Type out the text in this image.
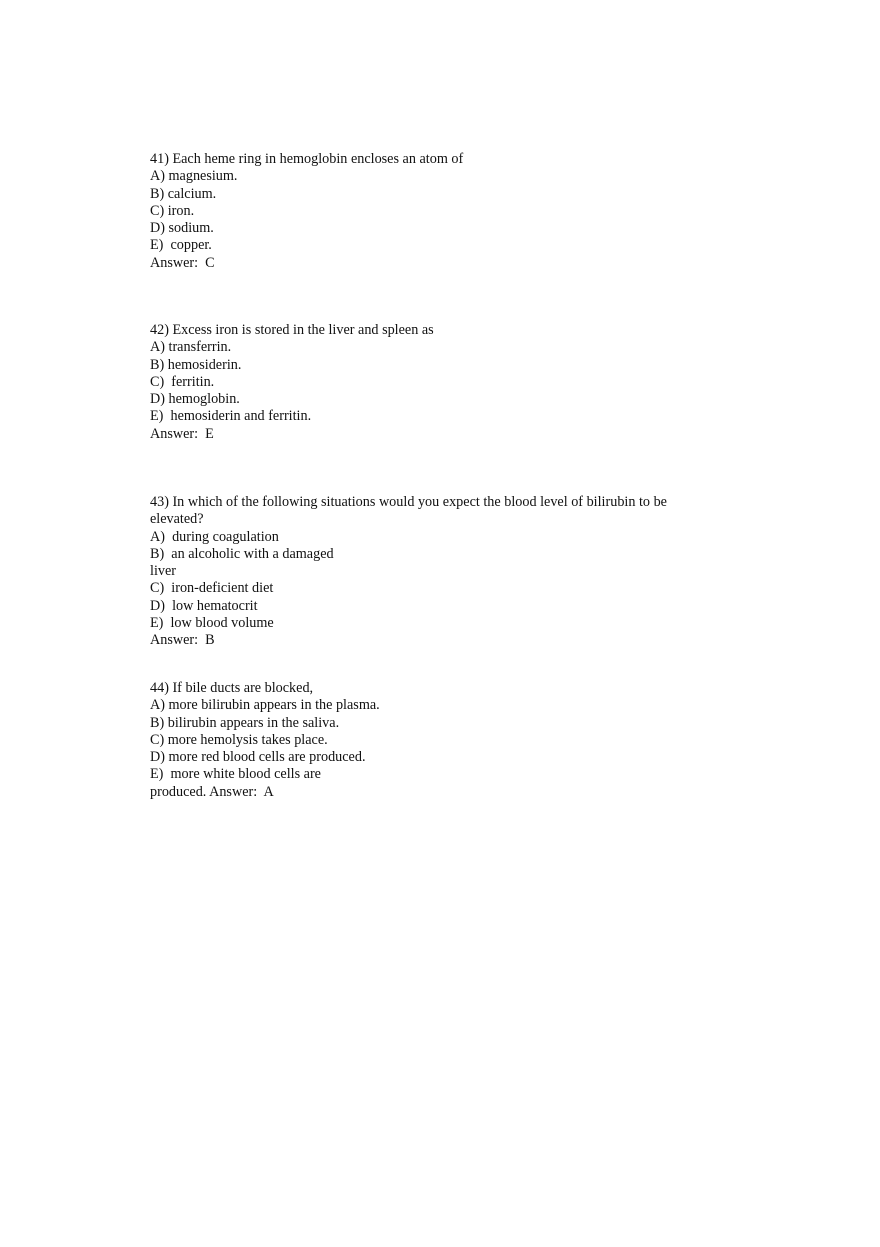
41) Each heme ring in hemoglobin encloses an atom of
A) magnesium.
B) calcium.
C) iron.
D) sodium.
E)  copper.
Answer:  C
42) Excess iron is stored in the liver and spleen as
A) transferrin.
B) hemosiderin.
C)  ferritin.
D) hemoglobin.
E)  hemosiderin and ferritin.
Answer:  E
43) In which of the following situations would you expect the blood level of bilirubin to be
elevated?
A)  during coagulation
B)  an alcoholic with a damaged
liver
C)  iron-deficient diet
D)  low hematocrit
E)  low blood volume
Answer:  B
44) If bile ducts are blocked,
A) more bilirubin appears in the plasma.
B) bilirubin appears in the saliva.
C) more hemolysis takes place.
D) more red blood cells are produced.
E)  more white blood cells are
produced. Answer:  A
